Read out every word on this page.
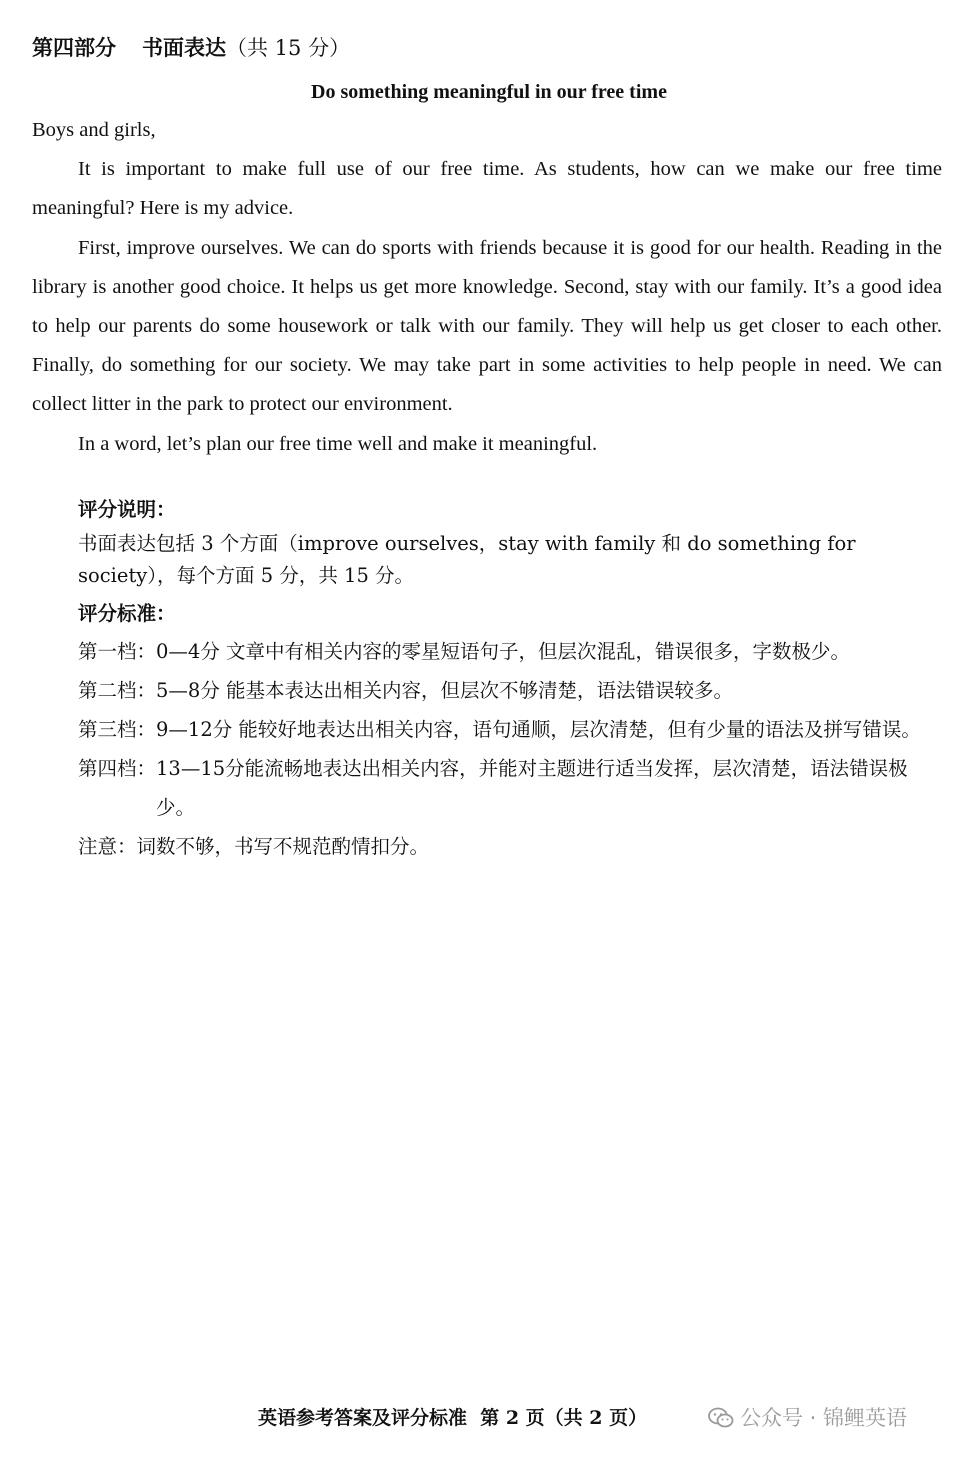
第四部分 书面表达（共 15 分）
Do something meaningful in our free time

Boys and girls,

It is important to make full use of our free time. As students, how can we make our free time meaningful? Here is my advice.

First, improve ourselves. We can do sports with friends because it is good for our health. Reading in the library is another good choice. It helps us get more knowledge. Second, stay with our family. It’s a good idea to help our parents do some housework or talk with our family. They will help us get closer to each other. Finally, do something for our society. We may take part in some activities to help people in need. We can collect litter in the park to protect our environment.

In a word, let’s plan our free time well and make it meaningful.

评分说明：

书面表达包括 3 个方面（improve ourselves，stay with family 和 do something for society），每个方面 5 分，共 15 分。

评分标准：

第一档： 0—4分 文章中有相关内容的零星短语句子，但层次混乱，错误很多，字数极少。
第二档： 5—8分 能基本表达出相关内容，但层次不够清楚，语法错误较多。
第三档： 9—12分 能较好地表达出相关内容，语句通顺，层次清楚，但有少量的语法及拼写错误。
第四档： 13—15分能流畅地表达出相关内容，并能对主题进行适当发挥，层次清楚，语法错误极少。

注意：词数不够，书写不规范酌情扣分。

英语参考答案及评分标准  第 2 页（共 2 页）	公众号 · 锦鲤英语
